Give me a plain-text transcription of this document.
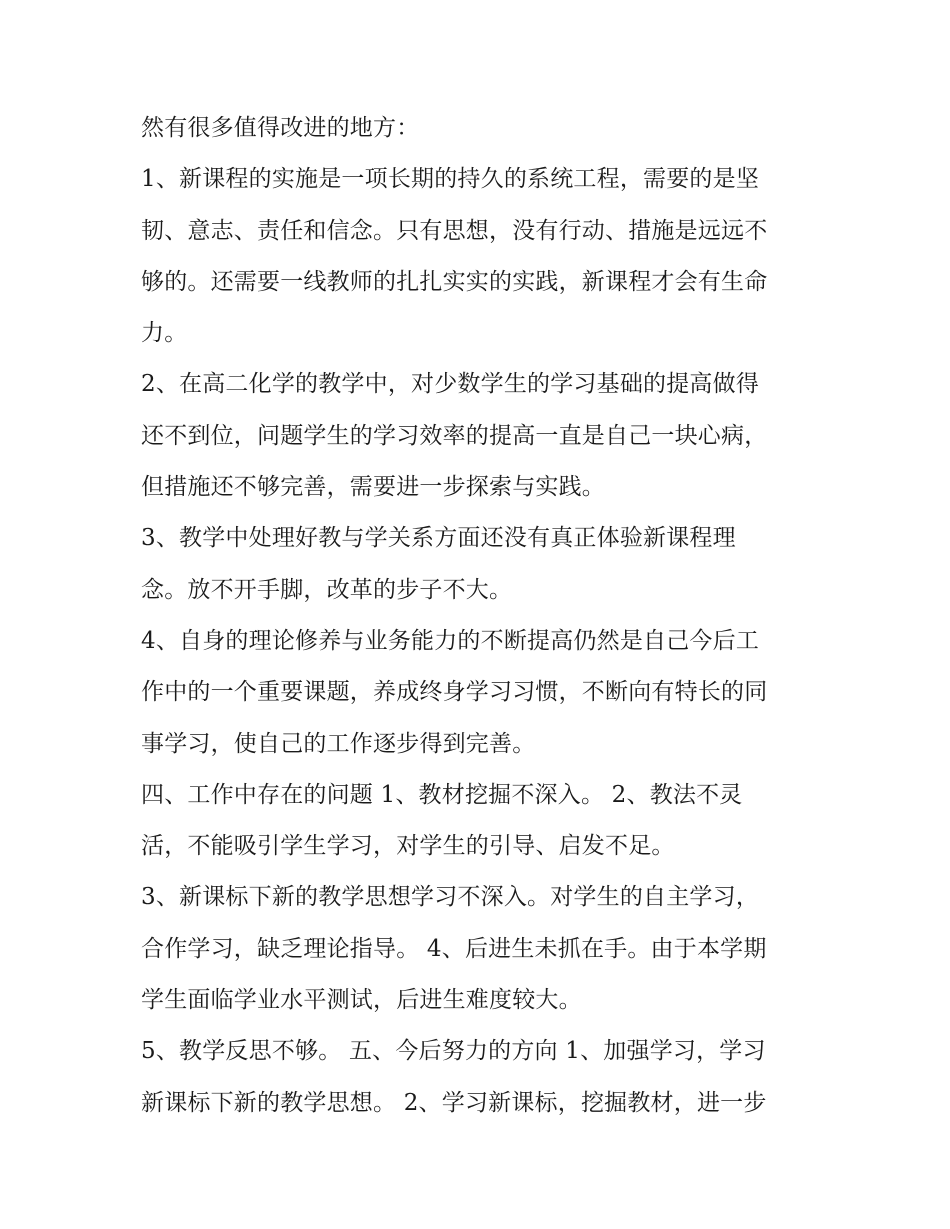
然有很多值得改进的地方：
1、新课程的实施是一项长期的持久的系统工程，需要的是坚
韧、意志、责任和信念。只有思想，没有行动、措施是远远不
够的。还需要一线教师的扎扎实实的实践，新课程才会有生命
力。
2、在高二化学的教学中，对少数学生的学习基础的提高做得
还不到位，问题学生的学习效率的提高一直是自己一块心病，
但措施还不够完善，需要进一步探索与实践。
3、教学中处理好教与学关系方面还没有真正体验新课程理
念。放不开手脚，改革的步子不大。
4、自身的理论修养与业务能力的不断提高仍然是自己今后工
作中的一个重要课题，养成终身学习习惯，不断向有特长的同
事学习，使自己的工作逐步得到完善。
四、工作中存在的问题 1、教材挖掘不深入。 2、教法不灵
活，不能吸引学生学习，对学生的引导、启发不足。
3、新课标下新的教学思想学习不深入。对学生的自主学习，
合作学习，缺乏理论指导。 4、后进生未抓在手。由于本学期
学生面临学业水平测试，后进生难度较大。
5、教学反思不够。 五、今后努力的方向 1、加强学习，学习
新课标下新的教学思想。 2、学习新课标，挖掘教材，进一步
